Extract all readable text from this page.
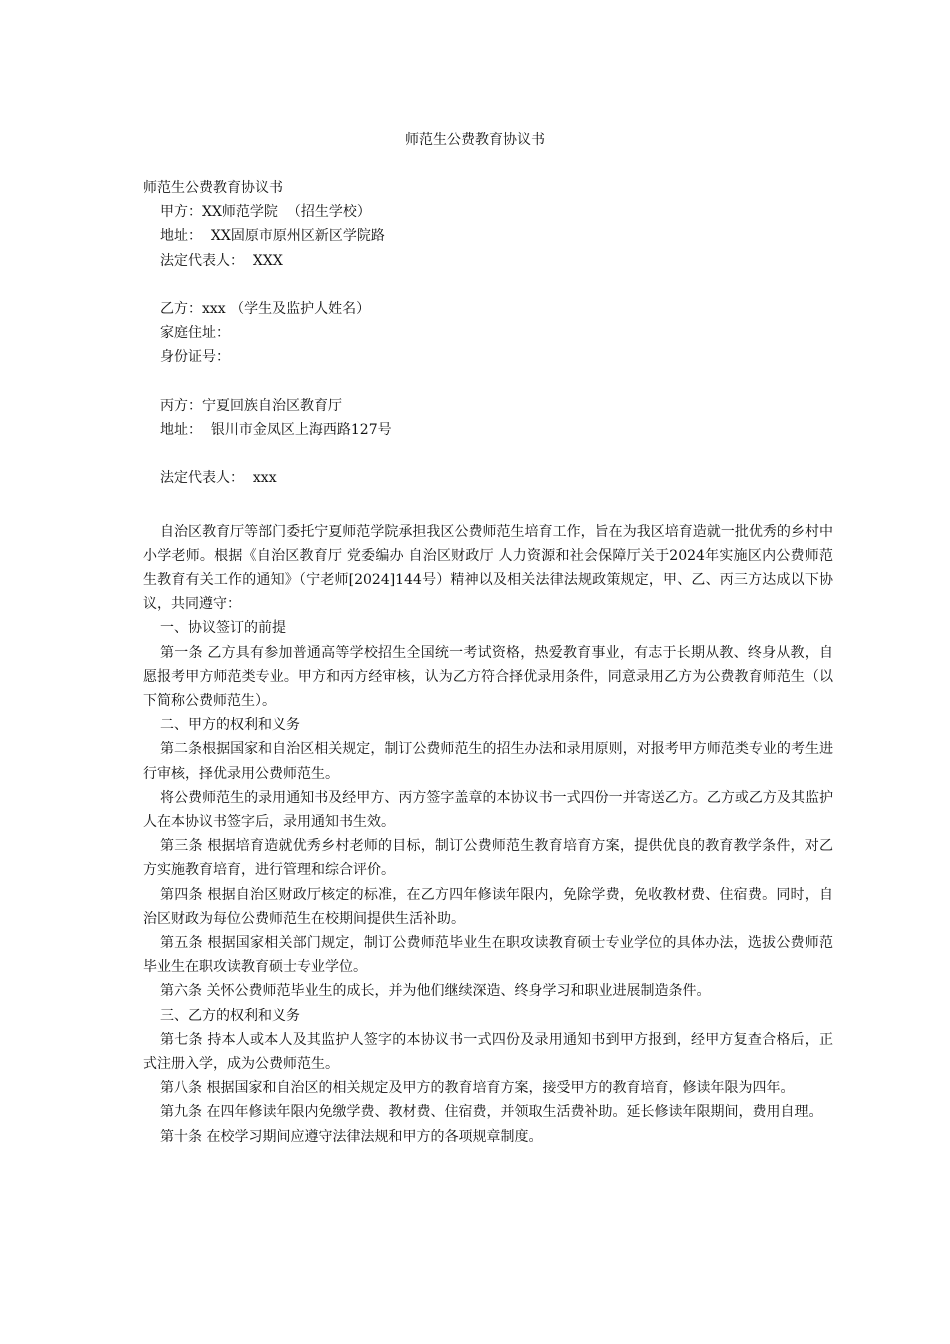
师范生公费教育协议书

师范生公费教育协议书

甲方：XX师范学院  （招生学校）

地址：  XX固原市原州区新区学院路

法定代表人：  XXX

乙方：xxx （学生及监护人姓名）

家庭住址：

身份证号：

丙方：宁夏回族自治区教育厅

地址：  银川市金凤区上海西路127号

法定代表人：  xxx

自治区教育厅等部门委托宁夏师范学院承担我区公费师范生培育工作，旨在为我区培育造就一批优秀的乡村中小学老师。根据《自治区教育厅 党委编办 自治区财政厅 人力资源和社会保障厅关于2024年实施区内公费师范生教育有关工作的通知》（宁老师[2024]144号）精神以及相关法律法规政策规定，甲、乙、丙三方达成以下协议，共同遵守：

一、协议签订的前提

第一条 乙方具有参加普通高等学校招生全国统一考试资格，热爱教育事业，有志于长期从教、终身从教，自愿报考甲方师范类专业。甲方和丙方经审核，认为乙方符合择优录用条件，同意录用乙方为公费教育师范生（以下简称公费师范生）。

二、甲方的权利和义务

第二条根据国家和自治区相关规定，制订公费师范生的招生办法和录用原则，对报考甲方师范类专业的考生进行审核，择优录用公费师范生。

将公费师范生的录用通知书及经甲方、丙方签字盖章的本协议书一式四份一并寄送乙方。乙方或乙方及其监护人在本协议书签字后，录用通知书生效。

第三条 根据培育造就优秀乡村老师的目标，制订公费师范生教育培育方案，提供优良的教育教学条件，对乙方实施教育培育，进行管理和综合评价。

第四条 根据自治区财政厅核定的标准，在乙方四年修读年限内，免除学费，免收教材费、住宿费。同时，自治区财政为每位公费师范生在校期间提供生活补助。

第五条 根据国家相关部门规定，制订公费师范毕业生在职攻读教育硕士专业学位的具体办法，选拔公费师范毕业生在职攻读教育硕士专业学位。

第六条 关怀公费师范毕业生的成长，并为他们继续深造、终身学习和职业进展制造条件。

三、乙方的权利和义务

第七条 持本人或本人及其监护人签字的本协议书一式四份及录用通知书到甲方报到，经甲方复查合格后，正式注册入学，成为公费师范生。

第八条 根据国家和自治区的相关规定及甲方的教育培育方案，接受甲方的教育培育，修读年限为四年。

第九条 在四年修读年限内免缴学费、教材费、住宿费，并领取生活费补助。延长修读年限期间，费用自理。

第十条 在校学习期间应遵守法律法规和甲方的各项规章制度。
